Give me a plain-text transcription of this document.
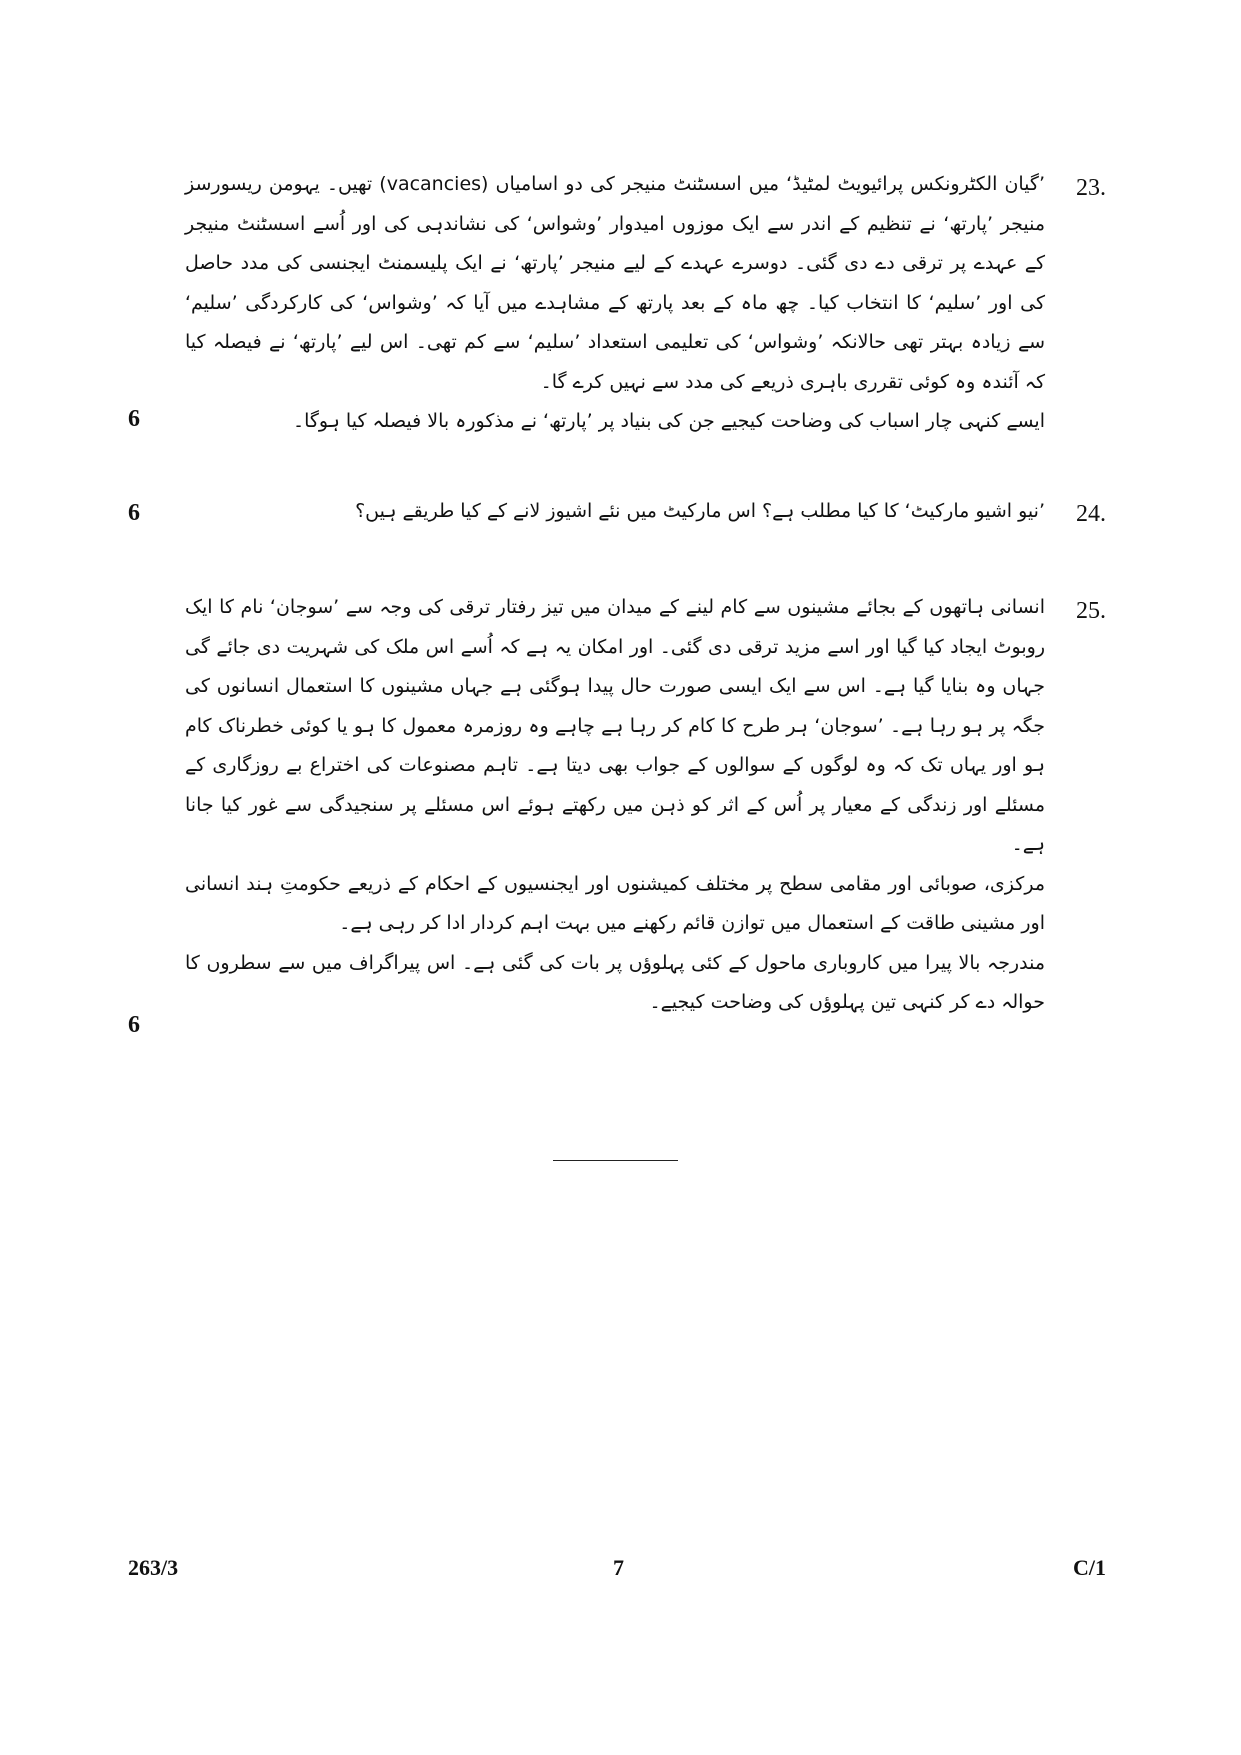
23.

’گیان الکٹرونکس پرائیویٹ لمٹیڈ‘ میں اسسٹنٹ منیجر کی دو اسامیاں (vacancies) تھیں۔ یہومن ریسورسز منیجر ’پارتھ‘ نے تنظیم کے اندر سے ایک موزوں امیدوار ’وشواس‘ کی نشاندہی کی اور اُسے اسسٹنٹ منیجر کے عہدے پر ترقی دے دی گئی۔ دوسرے عہدے کے لیے منیجر ’پارتھ‘ نے ایک پلیسمنٹ ایجنسی کی مدد حاصل کی اور ’سلیم‘ کا انتخاب کیا۔ چھ ماہ کے بعد پارتھ کے مشاہدے میں آیا کہ ’وشواس‘ کی کارکردگی ’سلیم‘ سے زیادہ بہتر تھی حالانکہ ’وشواس‘ کی تعلیمی استعداد ’سلیم‘ سے کم تھی۔ اس لیے ’پارتھ‘ نے فیصلہ کیا کہ آئندہ وہ کوئی تقرری باہری ذریعے کی مدد سے نہیں کرے گا۔

ایسے کنہی چار اسباب کی وضاحت کیجیے جن کی بنیاد پر ’پارتھ‘ نے مذکورہ بالا فیصلہ کیا ہوگا۔

6
24.

’نیو اشیو مارکیٹ‘ کا کیا مطلب ہے؟ اس مارکیٹ میں نئے اشیوز لانے کے کیا طریقے ہیں؟

6
25.

انسانی ہاتھوں کے بجائے مشینوں سے کام لینے کے میدان میں تیز رفتار ترقی کی وجہ سے ’سوجان‘ نام کا ایک روبوٹ ایجاد کیا گیا اور اسے مزید ترقی دی گئی۔ اور امکان یہ ہے کہ اُسے اس ملک کی شہریت دی جائے گی جہاں وہ بنایا گیا ہے۔ اس سے ایک ایسی صورت حال پیدا ہوگئی ہے جہاں مشینوں کا استعمال انسانوں کی جگہ پر ہو رہا ہے۔ ’سوجان‘ ہر طرح کا کام کر رہا ہے چاہے وہ روزمرہ معمول کا ہو یا کوئی خطرناک کام ہو اور یہاں تک کہ وہ لوگوں کے سوالوں کے جواب بھی دیتا ہے۔ تاہم مصنوعات کی اختراع بے روزگاری کے مسئلے اور زندگی کے معیار پر اُس کے اثر کو ذہن میں رکھتے ہوئے اس مسئلے پر سنجیدگی سے غور کیا جانا ہے۔

مرکزی، صوبائی اور مقامی سطح پر مختلف کمیشنوں اور ایجنسیوں کے احکام کے ذریعے حکومتِ ہند انسانی اور مشینی طاقت کے استعمال میں توازن قائم رکھنے میں بہت اہم کردار ادا کر رہی ہے۔

مندرجہ بالا پیرا میں کاروباری ماحول کے کئی پہلوؤں پر بات کی گئی ہے۔ اس پیراگراف میں سے سطروں کا حوالہ دے کر کنہی تین پہلوؤں کی وضاحت کیجیے۔

6
263/3	7	C/1
